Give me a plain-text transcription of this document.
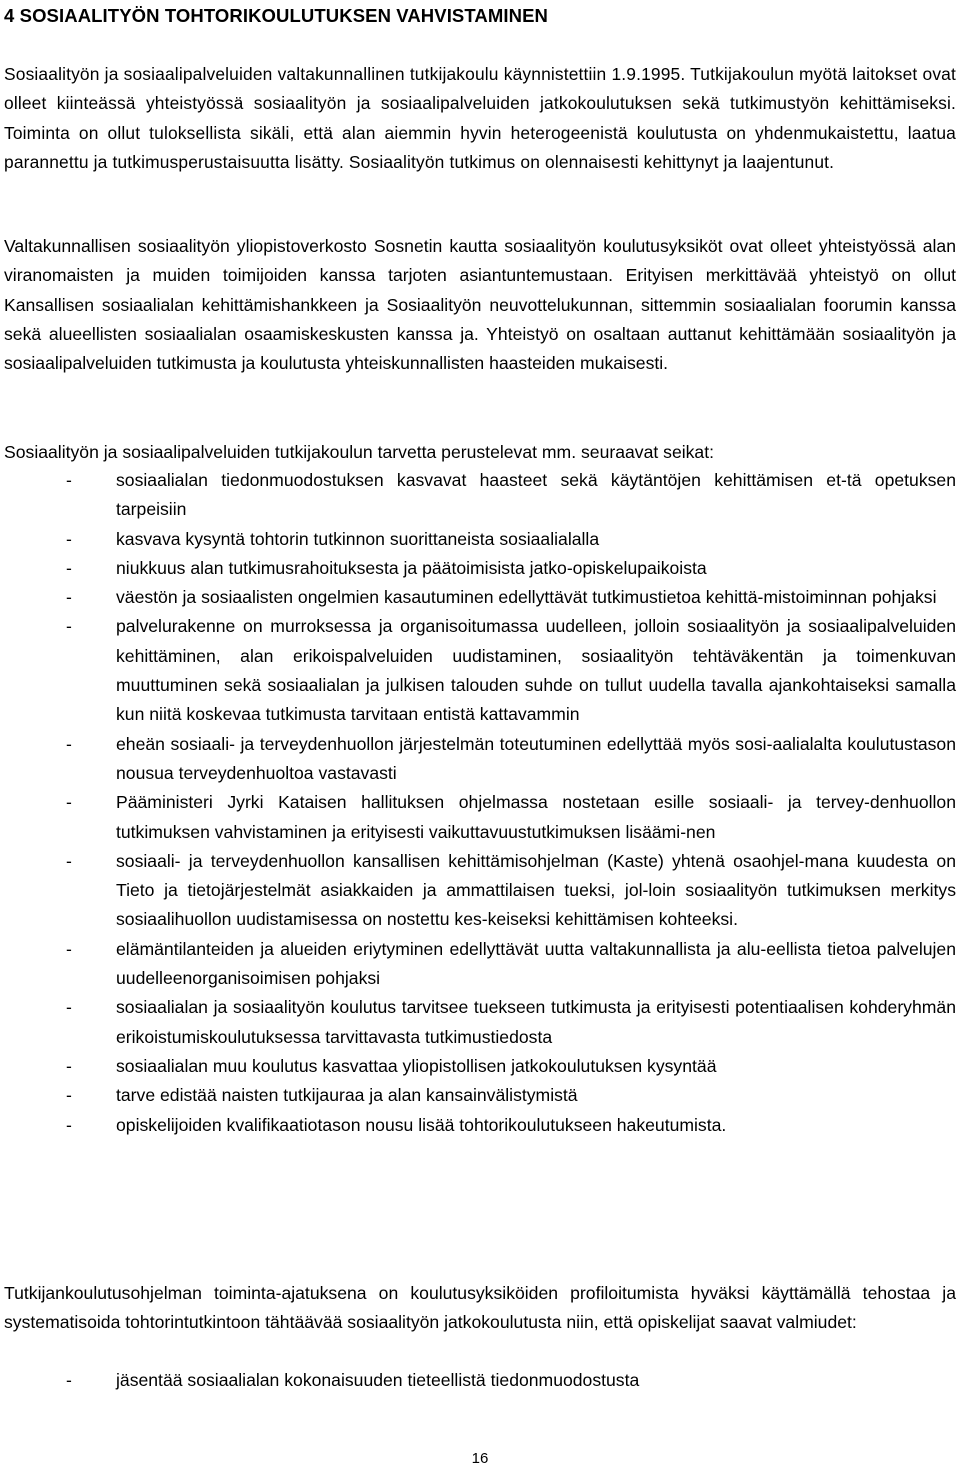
4 SOSIAALITYÖN TOHTORIKOULUTUKSEN VAHVISTAMINEN

Sosiaalityön ja sosiaalipalveluiden valtakunnallinen tutkijakoulu käynnistettiin 1.9.1995. Tutkijakoulun myötä laitokset ovat olleet kiinteässä yhteistyössä sosiaalityön ja sosiaalipalveluiden jatkokoulutuksen sekä tutkimustyön kehittämiseksi. Toiminta on ollut tuloksellista sikäli, että alan aiemmin hyvin heterogeenistä koulutusta on yhdenmukaistettu, laatua parannettu ja tutkimusperustaisuutta lisätty. Sosiaalityön tutkimus on olennaisesti kehittynyt ja laajentunut.

Valtakunnallisen sosiaalityön yliopistoverkosto Sosnetin kautta sosiaalityön koulutusyksiköt ovat olleet yhteistyössä alan viranomaisten ja muiden toimijoiden kanssa tarjoten asiantuntemustaan. Erityisen merkittävää yhteistyö on ollut Kansallisen sosiaalialan kehittämishankkeen ja Sosiaalityön neuvottelukunnan, sittemmin sosiaalialan foorumin kanssa sekä alueellisten sosiaalialan osaamiskeskusten kanssa ja. Yhteistyö on osaltaan auttanut kehittämään sosiaalityön ja sosiaalipalveluiden tutkimusta ja koulutusta yhteiskunnallisten haasteiden mukaisesti.

Sosiaalityön ja sosiaalipalveluiden tutkijakoulun tarvetta perustelevat mm. seuraavat seikat:

-	sosiaalialan tiedonmuodostuksen kasvavat haasteet sekä käytäntöjen kehittämisen et-tä opetuksen tarpeisiin
-	kasvava kysyntä tohtorin tutkinnon suorittaneista sosiaalialalla
-	niukkuus alan tutkimusrahoituksesta ja päätoimisista jatko-opiskelupaikoista
-	väestön ja sosiaalisten ongelmien kasautuminen edellyttävät tutkimustietoa kehittä-mistoiminnan pohjaksi
-	palvelurakenne on murroksessa ja organisoitumassa uudelleen, jolloin sosiaalityön ja sosiaalipalveluiden kehittäminen, alan erikoispalveluiden uudistaminen, sosiaalityön tehtäväkentän ja toimenkuvan muuttuminen sekä sosiaalialan ja julkisen talouden suhde on tullut uudella tavalla ajankohtaiseksi samalla kun niitä koskevaa tutkimusta tarvitaan entistä kattavammin
-	eheän sosiaali- ja terveydenhuollon järjestelmän toteutuminen edellyttää myös sosi-aalialalta koulutustason nousua terveydenhuoltoa vastavasti
-	Pääministeri Jyrki Kataisen hallituksen ohjelmassa nostetaan esille sosiaali- ja tervey-denhuollon tutkimuksen vahvistaminen ja erityisesti vaikuttavuustutkimuksen lisäämi-nen
-	sosiaali- ja terveydenhuollon kansallisen kehittämisohjelman (Kaste) yhtenä osaohjel-mana kuudesta on Tieto ja tietojärjestelmät asiakkaiden ja ammattilaisen tueksi, jol-loin sosiaalityön tutkimuksen merkitys sosiaalihuollon uudistamisessa on nostettu kes-keiseksi kehittämisen kohteeksi.
-	elämäntilanteiden ja alueiden eriytyminen edellyttävät uutta valtakunnallista ja alu-eellista tietoa palvelujen uudelleenorganisoimisen pohjaksi
-	sosiaalialan ja sosiaalityön koulutus tarvitsee tuekseen tutkimusta ja erityisesti potentiaalisen kohderyhmän erikoistumiskoulutuksessa tarvittavasta tutkimustiedosta
-	sosiaalialan muu koulutus kasvattaa yliopistollisen jatkokoulutuksen kysyntää
-	tarve edistää naisten tutkijauraa ja alan kansainvälistymistä
-	opiskelijoiden kvalifikaatiotason nousu lisää tohtorikoulutukseen hakeutumista.

Tutkijankoulutusohjelman toiminta-ajatuksena on koulutusyksiköiden profiloitumista hyväksi käyttämällä tehostaa ja systematisoida tohtorintutkintoon tähtäävää sosiaalityön jatkokoulutusta niin, että opiskelijat saavat valmiudet:

-	jäsentää sosiaalialan kokonaisuuden tieteellistä tiedonmuodostusta
16
